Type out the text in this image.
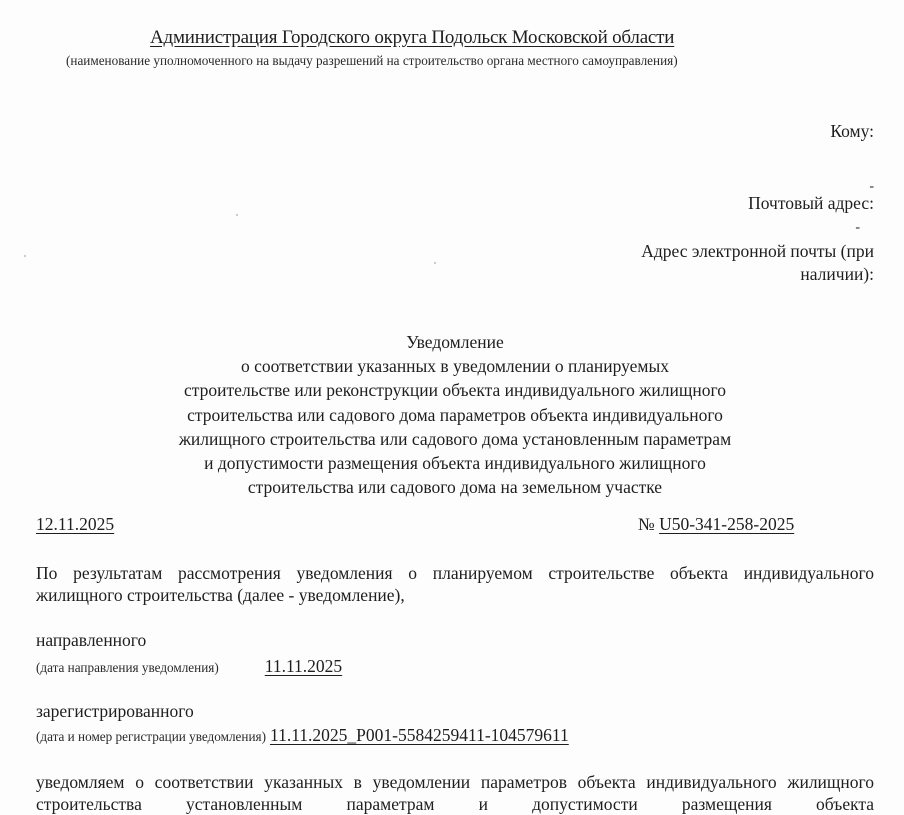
Администрация Городского округа Подольск Московской области
(наименование уполномоченного на выдачу разрешений на строительство органа местного самоуправления)
Кому:
-
Почтовый адрес:
-
Адрес электронной почты (при
наличии):
Уведомление
о соответствии указанных в уведомлении о планируемых
строительстве или реконструкции объекта индивидуального жилищного
строительства или садового дома параметров объекта индивидуального
жилищного строительства или садового дома установленным параметрам
и допустимости размещения объекта индивидуального жилищного
строительства или садового дома на земельном участке
12.11.2025	№ U50-341-258-2025
По результатам рассмотрения уведомления о планируемом строительстве объекта индивидуального жилищного строительства (далее - уведомление),
направленного
(дата направления уведомления)	11.11.2025
зарегистрированного
(дата и номер регистрации уведомления) 11.11.2025_P001-5584259411-104579611
уведомляем о соответствии указанных в уведомлении параметров объекта индивидуального жилищного строительства установленным параметрам и допустимости размещения объекта
